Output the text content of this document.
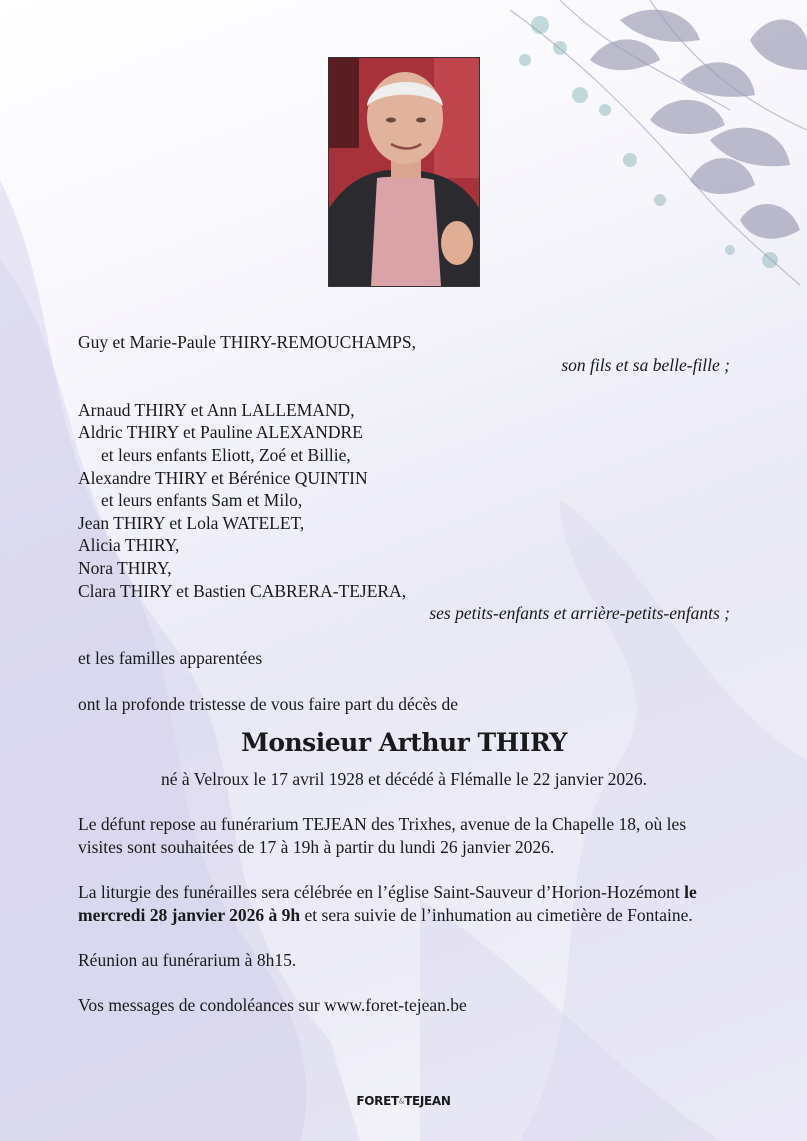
Guy et Marie-Paule THIRY-REMOUCHAMPS,

son fils et sa belle-fille ;

Arnaud THIRY et Ann LALLEMAND,

Aldric THIRY et Pauline ALEXANDRE

et leurs enfants Eliott, Zoé et Billie,

Alexandre THIRY et Bérénice QUINTIN

et leurs enfants Sam et Milo,

Jean THIRY et Lola WATELET,

Alicia THIRY,

Nora THIRY,

Clara THIRY et Bastien CABRERA-TEJERA,

ses petits-enfants et arrière-petits-enfants ;

et les familles apparentées

ont la profonde tristesse de vous faire part du décès de

Monsieur Arthur THIRY

né à Velroux le 17 avril 1928 et décédé à Flémalle le 22 janvier 2026.

Le défunt repose au funérarium TEJEAN des Trixhes, avenue de la Chapelle 18, où les visites sont souhaitées de 17 à 19h à partir du lundi 26 janvier 2026.

La liturgie des funérailles sera célébrée en l’église Saint-Sauveur d’Horion-Hozémont le mercredi 28 janvier 2026 à 9h et sera suivie de l’inhumation au cimetière de Fontaine.

Réunion au funérarium à 8h15.

Vos messages de condoléances sur www.foret-tejean.be

FORET&TEJEAN
